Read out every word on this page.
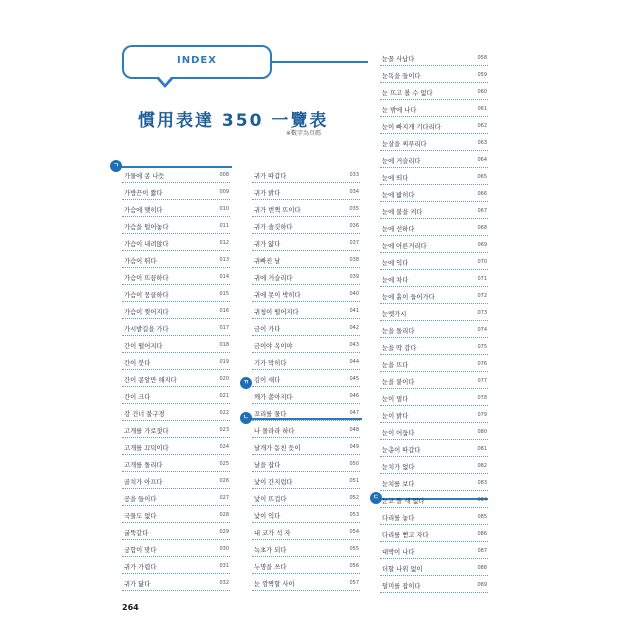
INDEX
慣用表達 350 一覽表
※數字為頁碼
ㄱ
ㄲ
ㄴ
ㄷ
가물에 콩 나듯	008
가방끈이 짧다	009
가슴에 맺히다	010
가슴을 털어놓다	011
가슴이 내려앉다	012
가슴이 뛰다	013
가슴이 뜨끔하다	014
가슴이 뭉클하다	015
가슴이 찢어지다	016
가시밭길을 가다	017
간이 떨어지다	018
간이 붓다	019
간이 콩알만 해지다	020
간이 크다	021
강 건너 불구경	022
고개를 가로젓다	023
고개를 끄덕이다	024
고개를 돌리다	025
골치가 아프다	026
공을 들이다	027
국물도 없다	028
굴뚝같다	029
궁합이 맞다	030
귀가 가렵다	031
귀가 닳다	032
귀가 따갑다	033
귀가 밝다	034
귀가 번쩍 뜨이다	035
귀가 솔깃하다	036
귀가 얇다	037
귀빠진 날	038
귀에 거슬리다	039
귀에 못이 박히다	040
귀청이 떨어지다	041
금이 가다	042
금이야 옥이야	043
기가 막히다	044
김이 새다	045
깨가 쏟아지다	046
꼬리를 물다	047
나 몰라라 하다	048
날개가 돋친 듯이	049
날을 잡다	050
낯이 간지럽다	051
낯이 뜨겁다	052
낯이 익다	053
내 코가 석 자	054
녹초가 되다	055
누명을 쓰다	056
눈 깜짝할 사이	057
눈꼴 사납다	058
눈독을 들이다	059
눈 뜨고 볼 수 없다	060
눈 밖에 나다	061
눈이 빠지게 기다리다	062
눈살을 찌푸리다	063
눈에 거슬리다	064
눈에 띄다	065
눈에 밟히다	066
눈에 불을 켜다	067
눈에 선하다	068
눈에 아른거리다	069
눈에 익다	070
눈에 차다	071
눈에 흙이 들어가다	072
눈엣가시	073
눈을 돌리다	074
눈을 딱 감다	075
눈을 뜨다	076
눈을 붙이다	077
눈이 멀다	078
눈이 밝다	079
눈이 어둡다	080
눈총이 따갑다	081
눈치가 없다	082
눈치를 보다	083
눈코 뜰 새 없다	084
다리를 놓다	085
다리를 뻗고 자다	086
대박이 나다	087
더할 나위 없이	088
덜미를 잡히다	089
264
